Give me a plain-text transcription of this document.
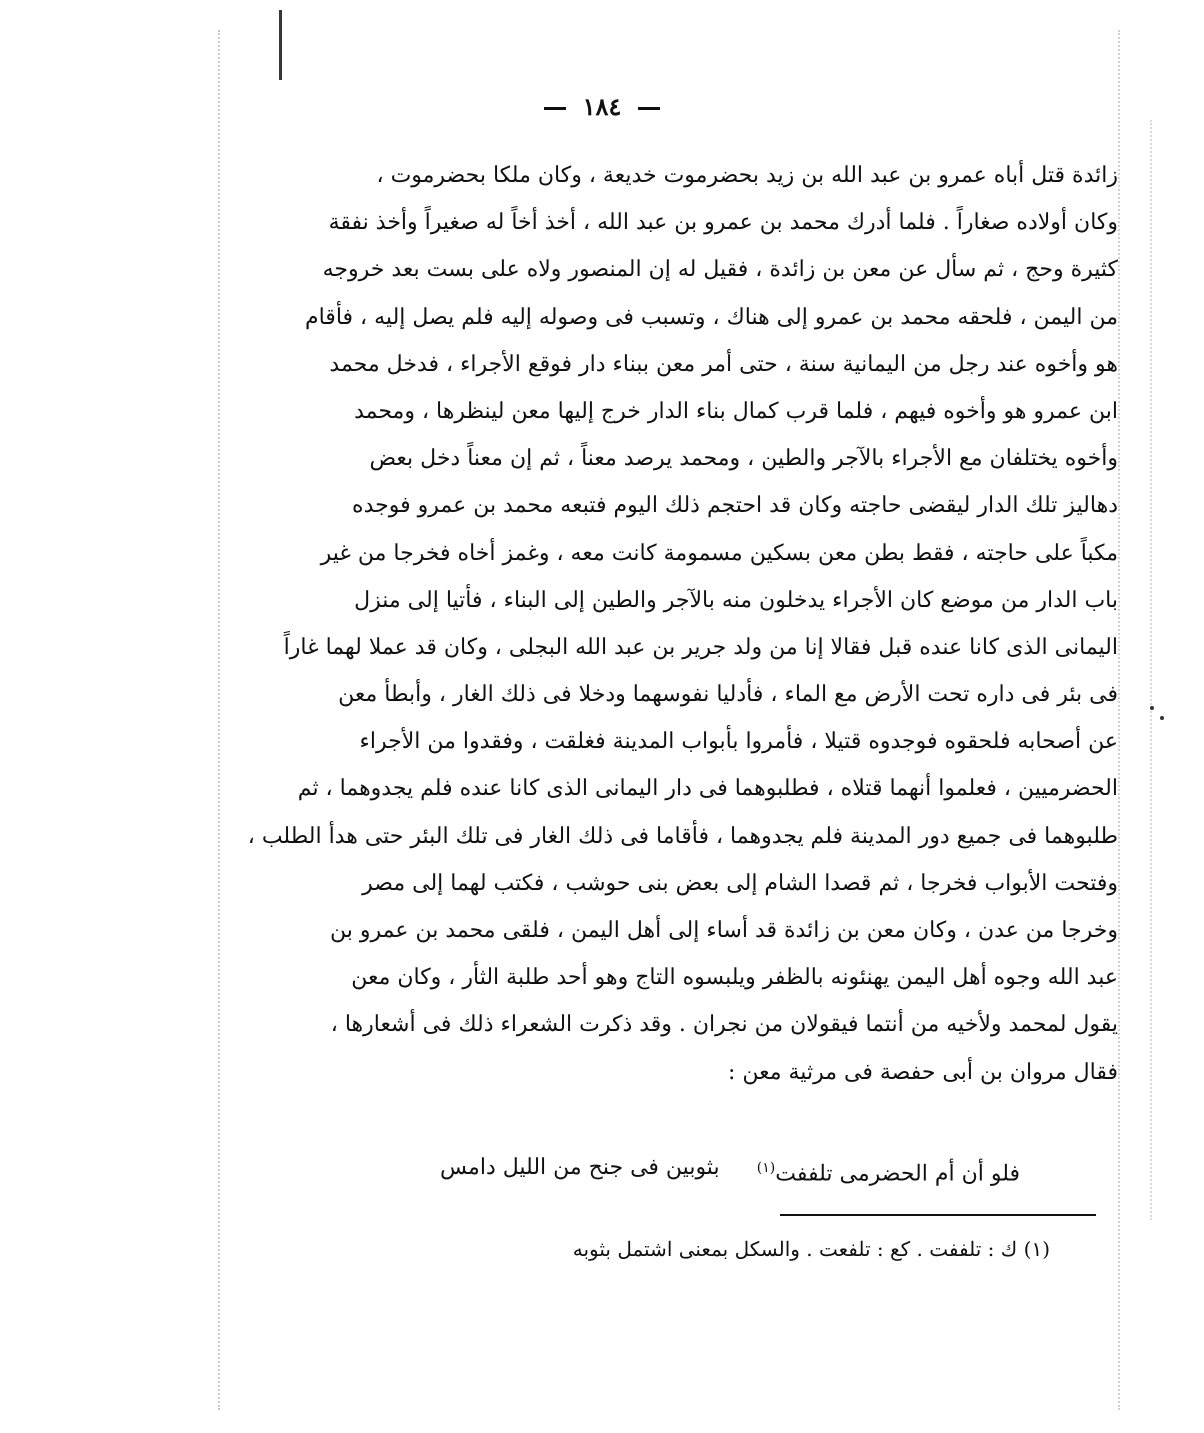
١٨٤
زائدة قتل أباه عمرو بن عبد الله بن زيد بحضرموت خديعة ، وكان ملكا بحضرموت ،
وكان أولاده صغاراً . فلما أدرك محمد بن عمرو بن عبد الله ، أخذ أخاً له صغيراً وأخذ نفقة
كثيرة وحج ، ثم سأل عن معن بن زائدة ، فقيل له إن المنصور ولاه على بست بعد خروجه
من اليمن ، فلحقه محمد بن عمرو إلى هناك ، وتسبب فى وصوله إليه فلم يصل إليه ، فأقام
هو وأخوه عند رجل من اليمانية سنة ، حتى أمر معن ببناء دار فوقع الأجراء ، فدخل محمد
ابن عمرو هو وأخوه فيهم ، فلما قرب كمال بناء الدار خرج إليها معن لينظرها ، ومحمد
وأخوه يختلفان مع الأجراء بالآجر والطين ، ومحمد يرصد معناً ، ثم إن معناً دخل بعض
دهاليز تلك الدار ليقضى حاجته وكان قد احتجم ذلك اليوم فتبعه محمد بن عمرو فوجده
مكباً على حاجته ، فقط بطن معن بسكين مسمومة كانت معه ، وغمز أخاه فخرجا من غير
باب الدار من موضع كان الأجراء يدخلون منه بالآجر والطين إلى البناء ، فأتيا إلى منزل
اليمانى الذى كانا عنده قبل فقالا إنا من ولد جرير بن عبد الله البجلى ، وكان قد عملا لهما غاراً
فى بئر فى داره تحت الأرض مع الماء ، فأدليا نفوسهما ودخلا فى ذلك الغار ، وأبطأ معن
عن أصحابه فلحقوه فوجدوه قتيلا ، فأمروا بأبواب المدينة فغلقت ، وفقدوا من الأجراء
الحضرميين ، فعلموا أنهما قتلاه ، فطلبوهما فى دار اليمانى الذى كانا عنده فلم يجدوهما ، ثم
طلبوهما فى جميع دور المدينة فلم يجدوهما ، فأقاما فى ذلك الغار فى تلك البئر حتى هدأ الطلب ،
وفتحت الأبواب فخرجا ، ثم قصدا الشام إلى بعض بنى حوشب ، فكتب لهما إلى مصر
وخرجا من عدن ، وكان معن بن زائدة قد أساء إلى أهل اليمن ، فلقى محمد بن عمرو بن
عبد الله وجوه أهل اليمن يهنئونه بالظفر ويلبسوه التاج وهو أحد طلبة الثأر ، وكان معن
يقول لمحمد ولأخيه من أنتما فيقولان من نجران . وقد ذكرت الشعراء ذلك فى أشعارها ،
فقال مروان بن أبى حفصة فى مرثية معن :
فلو أن أم الحضرمى تلففت$^{(١)}$
بثوبين فى جنح من الليل دامس
(١) ك : تلففت . كع : تلفعت . والسكل بمعنى اشتمل بثوبه
